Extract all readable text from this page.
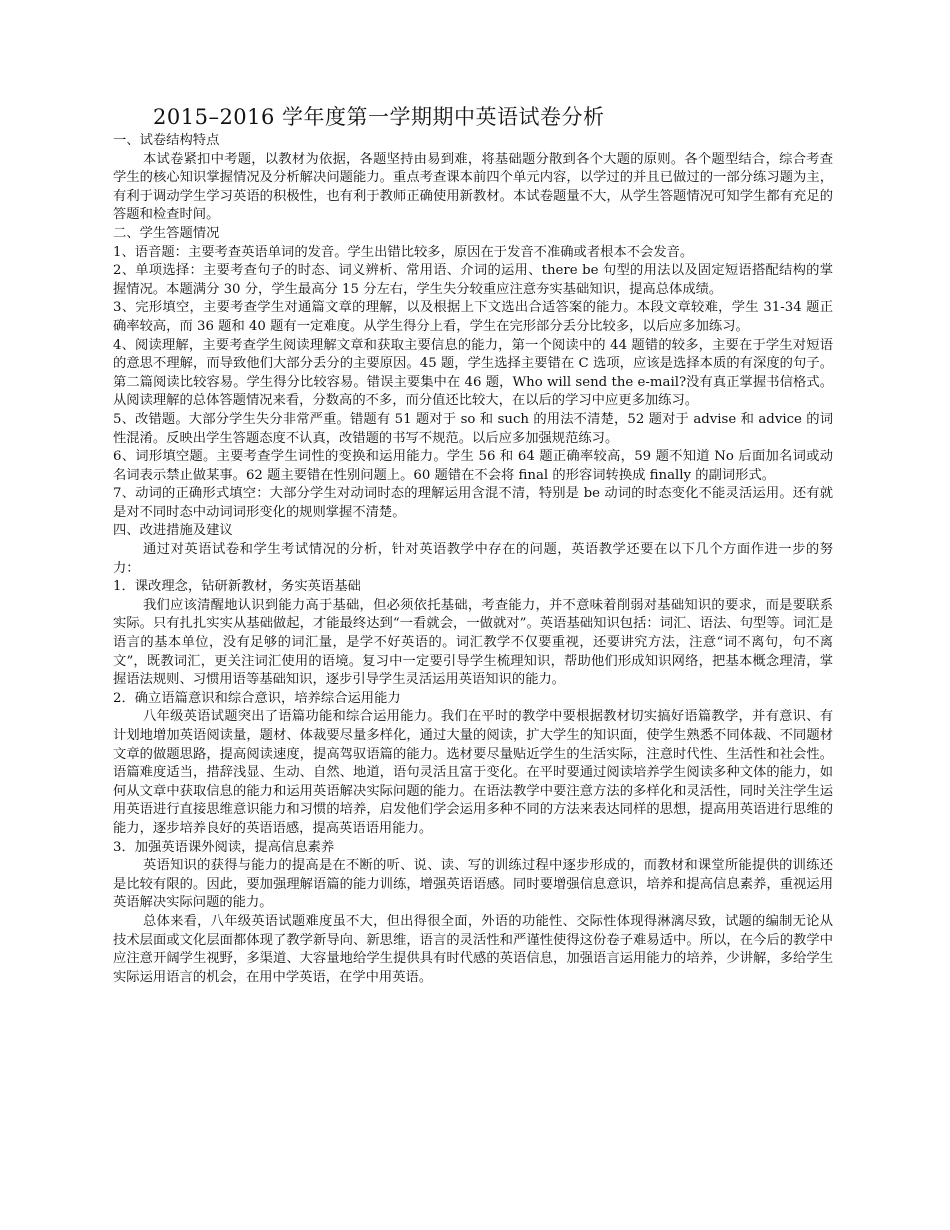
2015–2016 学年度第一学期期中英语试卷分析

一、试卷结构特点

本试卷紧扣中考题，以教材为依据，各题坚持由易到难，将基础题分散到各个大题的原则。各个题型结合，综合考查学生的核心知识掌握情况及分析解决问题能力。重点考查课本前四个单元内容，以学过的并且已做过的一部分练习题为主，有利于调动学生学习英语的积极性，也有利于教师正确使用新教材。本试卷题量不大，从学生答题情况可知学生都有充足的答题和检查时间。

二、学生答题情况

1、语音题：主要考查英语单词的发音。学生出错比较多，原因在于发音不准确或者根本不会发音。

2、单项选择：主要考查句子的时态、词义辨析、常用语、介词的运用、there be 句型的用法以及固定短语搭配结构的掌握情况。本题满分 30 分，学生最高分 15 分左右，学生失分较重应注意夯实基础知识，提高总体成绩。

3、完形填空，主要考查学生对通篇文章的理解，以及根据上下文选出合适答案的能力。本段文章较难，学生 31-34 题正确率较高，而 36 题和 40 题有一定难度。从学生得分上看，学生在完形部分丢分比较多，以后应多加练习。

4、阅读理解，主要考查学生阅读理解文章和获取主要信息的能力，第一个阅读中的 44 题错的较多，主要在于学生对短语的意思不理解，而导致他们大部分丢分的主要原因。45 题，学生选择主要错在 C 选项，应该是选择本质的有深度的句子。第二篇阅读比较容易。学生得分比较容易。错误主要集中在 46 题，Who will send the e-mail?没有真正掌握书信格式。从阅读理解的总体答题情况来看，分数高的不多，而分值还比较大，在以后的学习中应更多加练习。

5、改错题。大部分学生失分非常严重。错题有 51 题对于 so 和 such 的用法不清楚，52 题对于 advise 和 advice 的词性混淆。反映出学生答题态度不认真，改错题的书写不规范。以后应多加强规范练习。

6、词形填空题。主要考查学生词性的变换和运用能力。学生 56 和 64 题正确率较高，59 题不知道 No 后面加名词或动名词表示禁止做某事。62 题主要错在性别问题上。60 题错在不会将 final 的形容词转换成 finally 的副词形式。

7、动词的正确形式填空：大部分学生对动词时态的理解运用含混不清，特别是 be 动词的时态变化不能灵活运用。还有就是对不同时态中动词词形变化的规则掌握不清楚。

四、改进措施及建议

通过对英语试卷和学生考试情况的分析，针对英语教学中存在的问题，英语教学还要在以下几个方面作进一步的努力：

1．课改理念，钻研新教材，务实英语基础

我们应该清醒地认识到能力高于基础，但必须依托基础，考查能力，并不意味着削弱对基础知识的要求，而是要联系实际。只有扎扎实实从基础做起，才能最终达到“一看就会，一做就对”。英语基础知识包括：词汇、语法、句型等。词汇是语言的基本单位，没有足够的词汇量，是学不好英语的。词汇教学不仅要重视，还要讲究方法，注意“词不离句，句不离文”，既教词汇，更关注词汇使用的语境。复习中一定要引导学生梳理知识，帮助他们形成知识网络，把基本概念理清，掌握语法规则、习惯用语等基础知识，逐步引导学生灵活运用英语知识的能力。

2．确立语篇意识和综合意识，培养综合运用能力

八年级英语试题突出了语篇功能和综合运用能力。我们在平时的教学中要根据教材切实搞好语篇教学，并有意识、有计划地增加英语阅读量，题材、体裁要尽量多样化，通过大量的阅读，扩大学生的知识面，使学生熟悉不同体裁、不同题材文章的做题思路，提高阅读速度，提高驾驭语篇的能力。选材要尽量贴近学生的生活实际，注意时代性、生活性和社会性。语篇难度适当，措辞浅显、生动、自然、地道，语句灵活且富于变化。在平时要通过阅读培养学生阅读多种文体的能力，如何从文章中获取信息的能力和运用英语解决实际问题的能力。在语法教学中要注意方法的多样化和灵活性，同时关注学生运用英语进行直接思维意识能力和习惯的培养，启发他们学会运用多种不同的方法来表达同样的思想，提高用英语进行思维的能力，逐步培养良好的英语语感，提高英语语用能力。

3．加强英语课外阅读，提高信息素养

英语知识的获得与能力的提高是在不断的听、说、读、写的训练过程中逐步形成的，而教材和课堂所能提供的训练还是比较有限的。因此，要加强理解语篇的能力训练，增强英语语感。同时要增强信息意识，培养和提高信息素养，重视运用英语解决实际问题的能力。

总体来看，八年级英语试题难度虽不大，但出得很全面，外语的功能性、交际性体现得淋漓尽致，试题的编制无论从技术层面或文化层面都体现了教学新导向、新思维，语言的灵活性和严谨性使得这份卷子难易适中。所以，在今后的教学中应注意开阔学生视野，多渠道、大容量地给学生提供具有时代感的英语信息，加强语言运用能力的培养，少讲解，多给学生实际运用语言的机会，在用中学英语，在学中用英语。
